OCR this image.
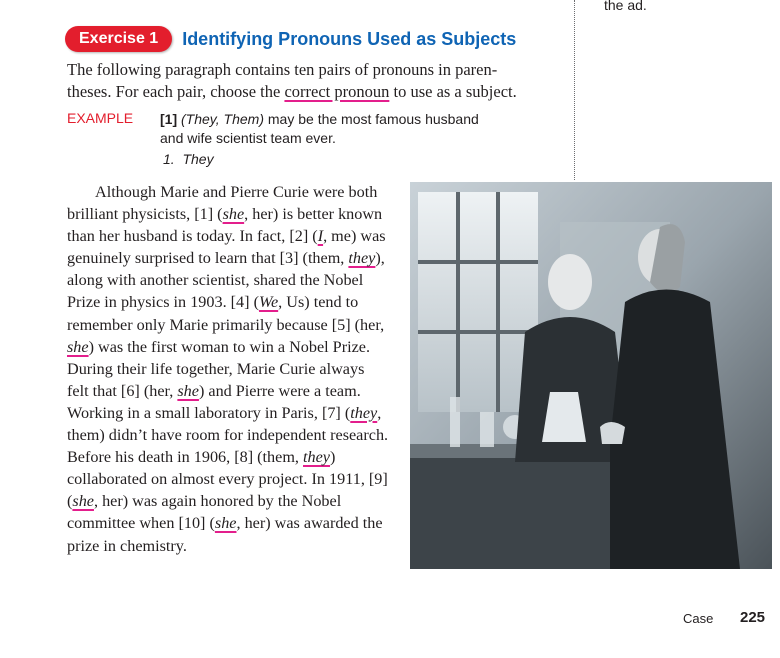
the ad.
Exercise 1	Identifying Pronouns Used as Subjects
The following paragraph contains ten pairs of pronouns in paren-theses. For each pair, choose the correct pronoun to use as a subject.
EXAMPLE [1] (They, Them) may be the most famous husband and wife scientist team ever.
1. They
Although Marie and Pierre Curie were both brilliant physicists, [1] (she, her) is better known than her husband is today. In fact, [2] (I, me) was genuinely surprised to learn that [3] (them, they), along with another scientist, shared the Nobel Prize in physics in 1903. [4] (We, Us) tend to remember only Marie primarily because [5] (her, she) was the first woman to win a Nobel Prize. During their life together, Marie Curie always felt that [6] (her, she) and Pierre were a team. Working in a small laboratory in Paris, [7] (they, them) didn’t have room for independent research. Before his death in 1906, [8] (them, they) collaborated on almost every project. In 1911, [9] (she, her) was again honored by the Nobel committee when [10] (she, her) was awarded the prize in chemistry.
Case 225
